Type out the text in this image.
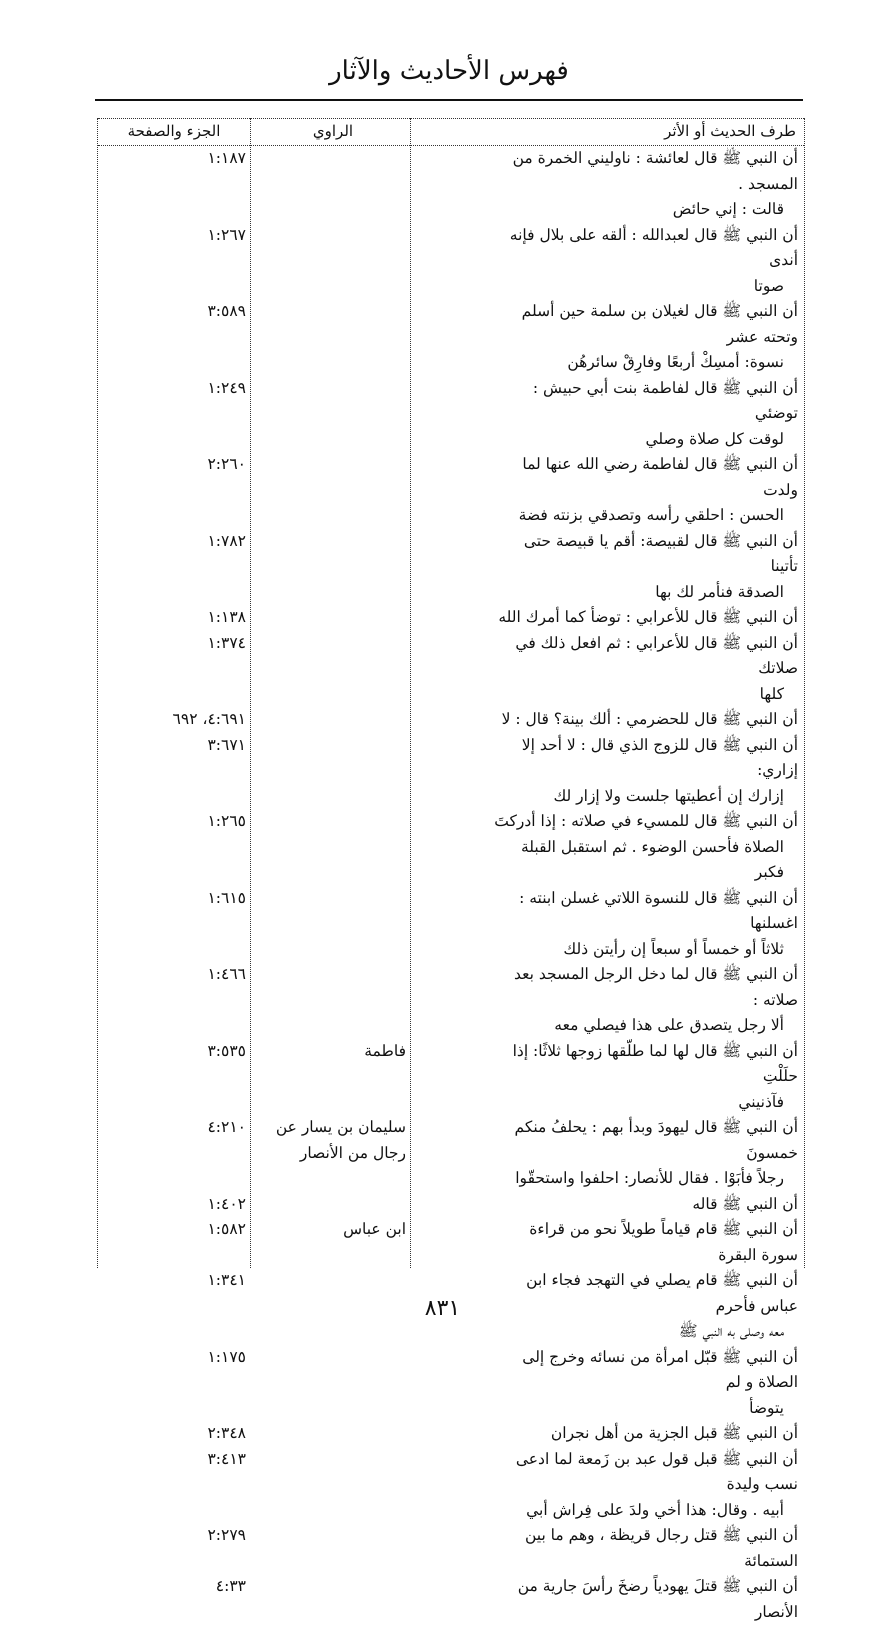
فهرس الأحاديث والآثار
طرف الحديث أو الأثر
الراوي
الجزء والصفحة
أن النبي ﷺ قال لعائشة : ناوليني الخمرة من المسجد .
قالت : إني حائض
١:١٨٧
أن النبي ﷺ قال لعبدالله : ألقه على بلال فإنه أندى
صوتا
١:٢٦٧
أن النبي ﷺ قال لغيلان بن سلمة حين أسلم وتحته عشر
نسوة: أمسِكْ أربعًا وفارِقْ سائرهُن
٣:٥٨٩
أن النبي ﷺ قال لفاطمة بنت أبي حبيش : توضئي
لوقت كل صلاة وصلي
١:٢٤٩
أن النبي ﷺ قال لفاطمة رضي الله عنها لما ولدت
الحسن : احلقي رأسه وتصدقي بزنته فضة
٢:٢٦٠
أن النبي ﷺ قال لقبيصة: أقم يا قبيصة حتى تأتينا
الصدقة فنأمر لك بها
١:٧٨٢
أن النبي ﷺ قال للأعرابي : توضأ كما أمرك الله
١:١٣٨
أن النبي ﷺ قال للأعرابي : ثم افعل ذلك في صلاتك
كلها
١:٣٧٤
أن النبي ﷺ قال للحضرمي : ألك بينة؟ قال : لا
٤:٦٩١، ٦٩٢
أن النبي ﷺ قال للزوج الذي قال : لا أحد إلا إزاري:
إزارك إن أعطيتها جلست ولا إزار لك
٣:٦٧١
أن النبي ﷺ قال للمسيء في صلاته : إذا أدركتَ
الصلاة فأحسن الوضوء . ثم استقبل القبلة فكبر
١:٢٦٥
أن النبي ﷺ قال للنسوة اللاتي غسلن ابنته : اغسلنها
ثلاثاً أو خمساً أو سبعاً إن رأيتن ذلك
١:٦١٥
أن النبي ﷺ قال لما دخل الرجل المسجد بعد صلاته :
ألا رجل يتصدق على هذا فيصلي معه
١:٤٦٦
أن النبي ﷺ قال لها لما طلّقها زوجها ثلاثًا: إذا حلَلْتِ
فآذنيني
فاطمة
٣:٥٣٥
أن النبي ﷺ قال ليهودَ وبدأ بهم : يحلفُ منكم خمسونَ
رجلاً فأبَوْا . فقال للأنصار: احلفوا واستحقّوا
سليمان بن يسار عن رجال من الأنصار
٤:٢١٠
أن النبي ﷺ قاله
١:٤٠٢
أن النبي ﷺ قام قياماً طويلاً نحو من قراءة سورة البقرة
ابن عباس
١:٥٨٢
أن النبي ﷺ قام يصلي في التهجد فجاء ابن عباس فأحرم
معه وصلى به النبي ﷺ
١:٣٤١
أن النبي ﷺ قبّل امرأة من نسائه وخرج إلى الصلاة و لم
يتوضأ
١:١٧٥
أن النبي ﷺ قبل الجزية من أهل نجران
٢:٣٤٨
أن النبي ﷺ قبل قول عبد بن زَمعة لما ادعى نسب وليدة
أبيه . وقال: هذا أخي ولدَ على فِراش أبي
٣:٤١٣
أن النبي ﷺ قتل رجال قريظة ، وهم ما بين الستمائة
٢:٢٧٩
أن النبي ﷺ قتلَ يهودياً رضخَ رأسَ جارية من الأنصار
٤:٣٣
٨٣١
